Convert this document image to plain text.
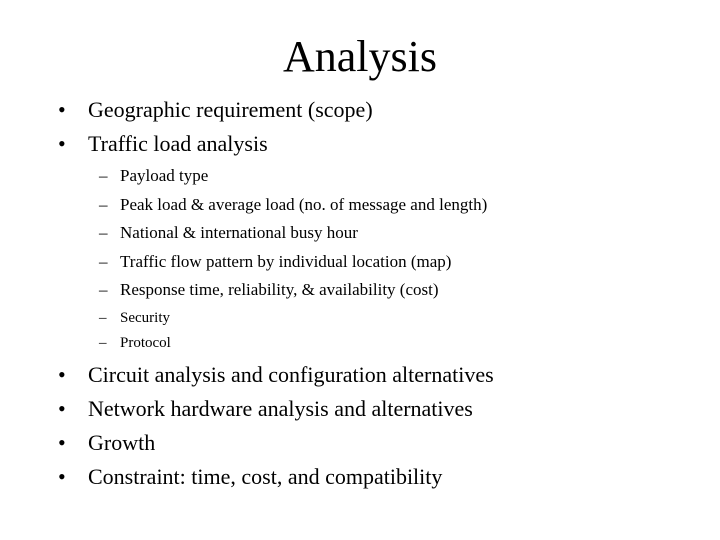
Analysis
• Geographic requirement (scope)
• Traffic load analysis
– Payload type
– Peak load & average load (no. of message and length)
– National & international busy hour
– Traffic flow pattern by individual location (map)
– Response time, reliability, & availability (cost)
– Security
– Protocol
• Circuit analysis and configuration alternatives
• Network hardware analysis and alternatives
• Growth
• Constraint: time, cost, and compatibility
